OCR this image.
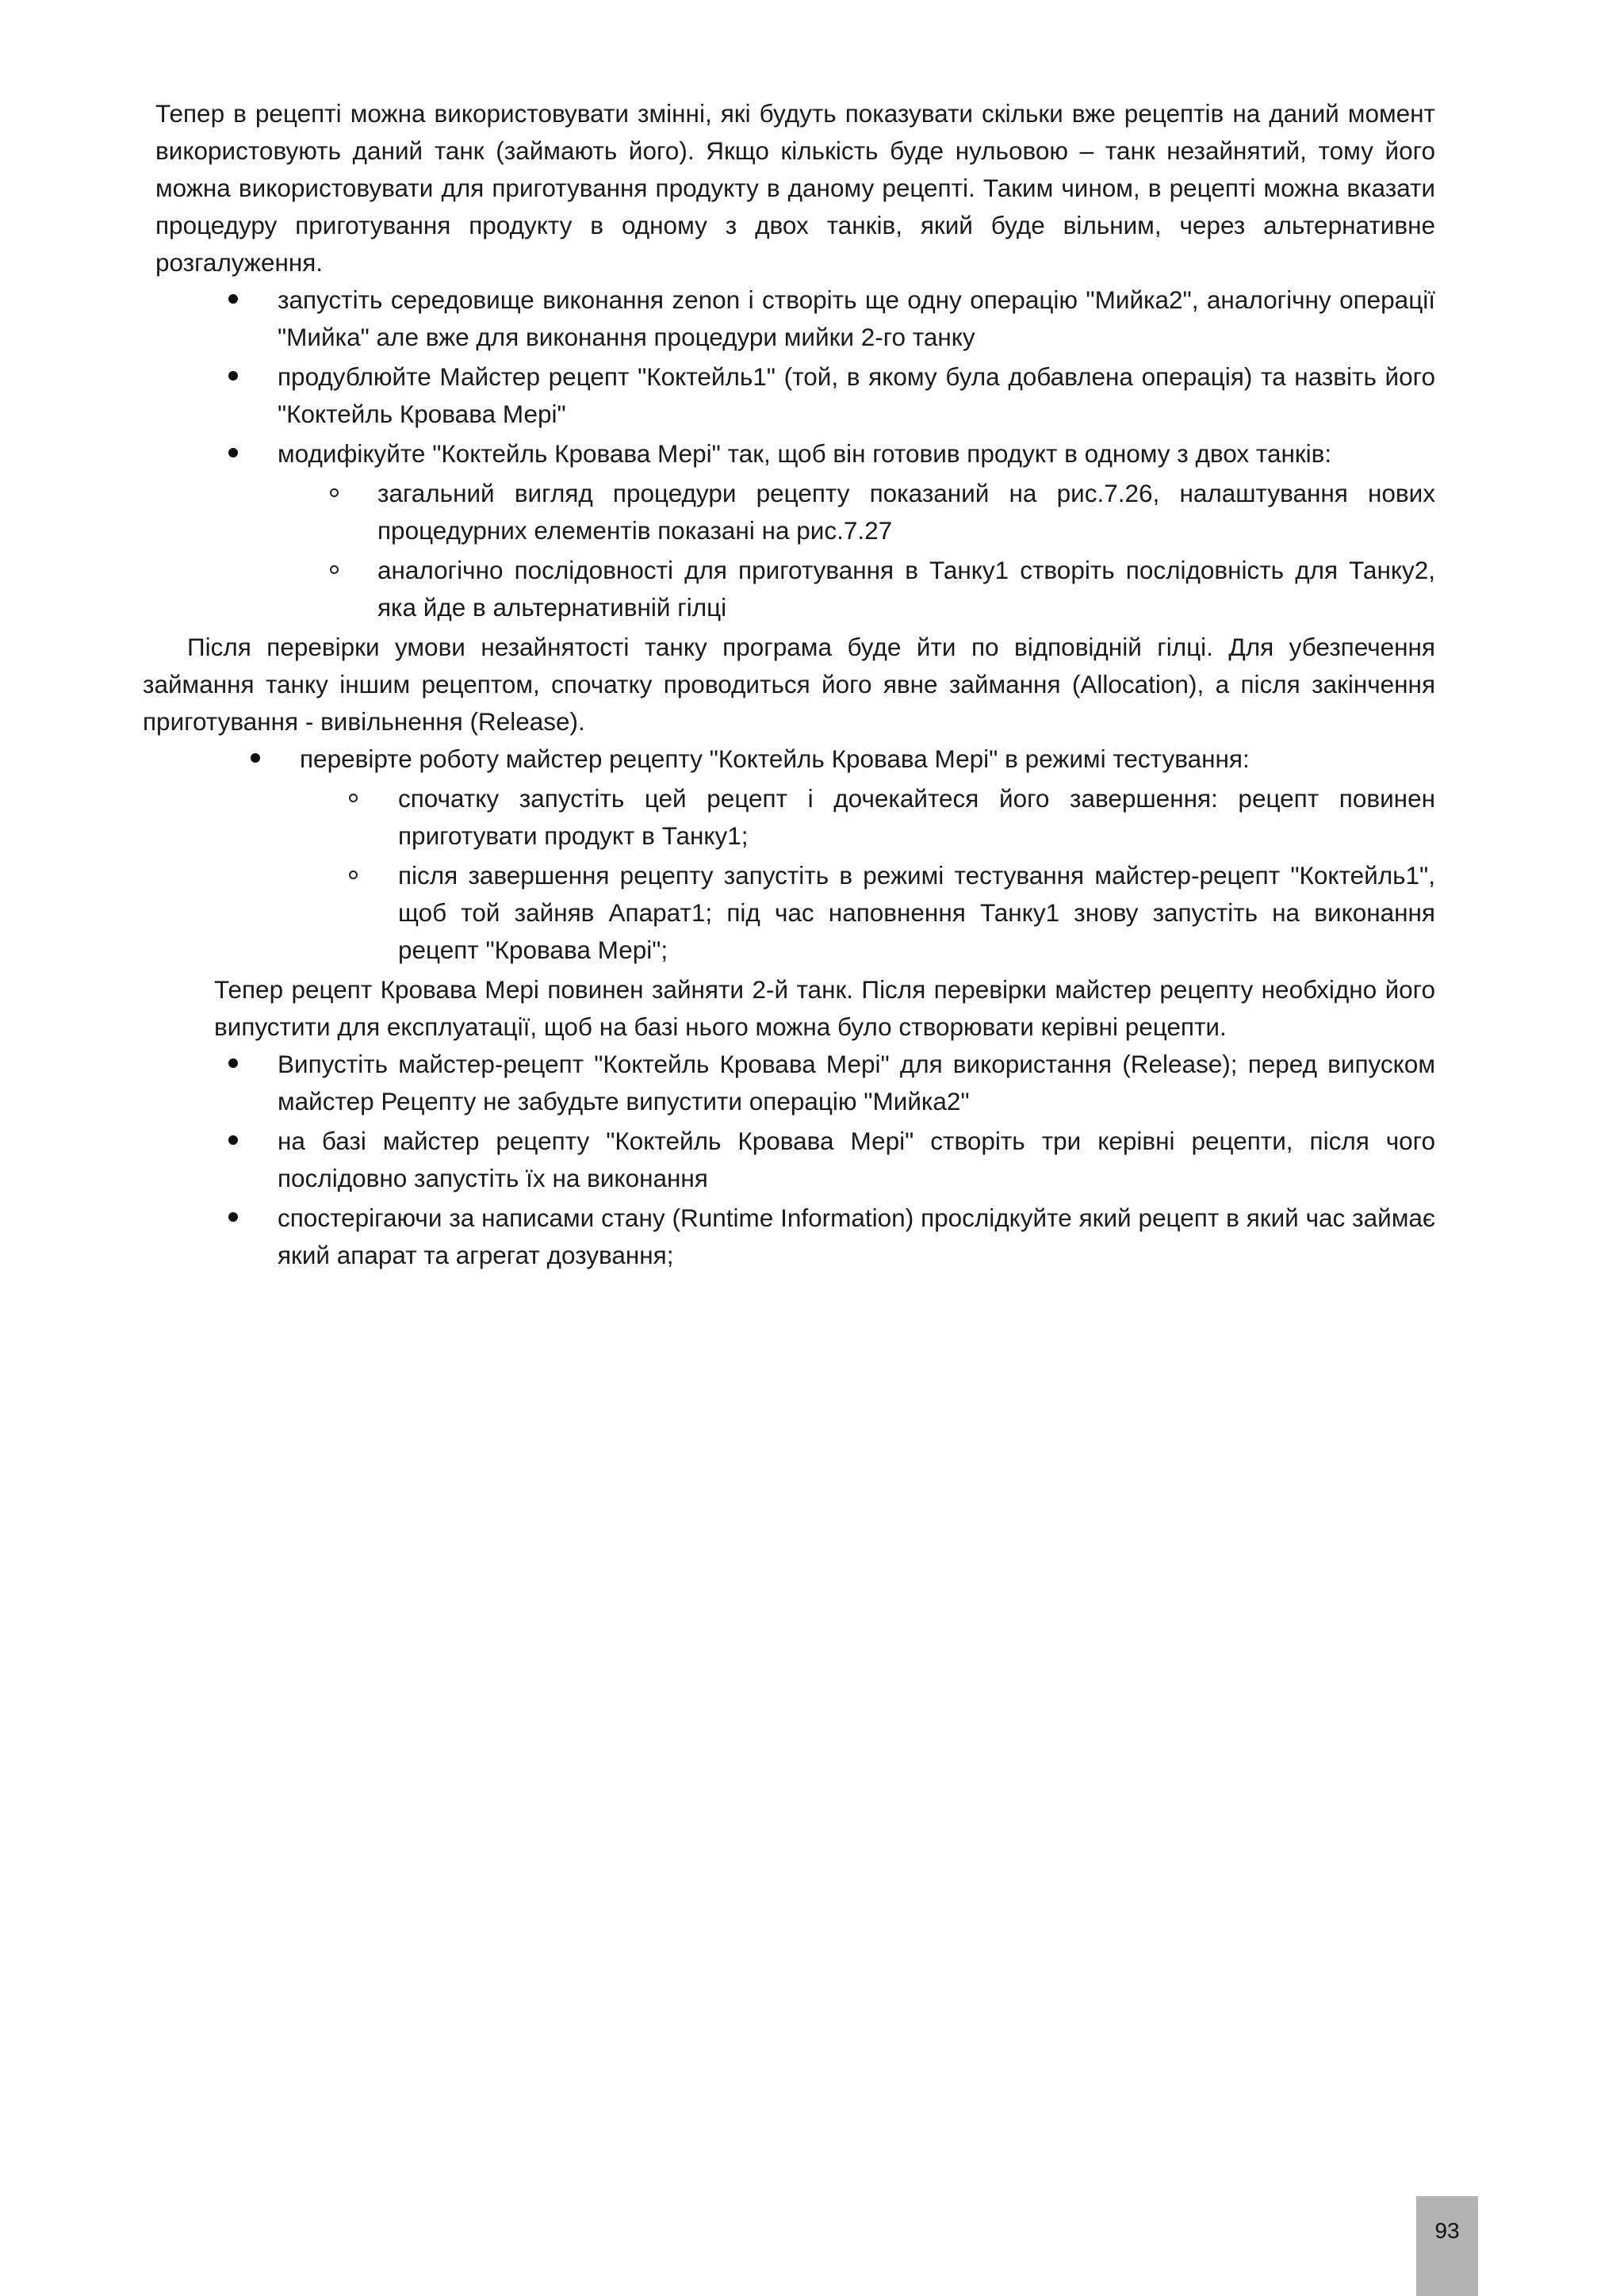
Тепер в рецепті можна використовувати змінні, які будуть показувати скільки вже рецептів на даний момент використовують даний танк (займають його). Якщо кількість буде нульовою – танк незайнятий, тому його можна використовувати для приготування продукту в даному рецепті. Таким чином, в рецепті можна вказати процедуру приготування продукту в одному з двох танків, який буде вільним, через альтернативне розгалуження.

запустіть середовище виконання zenon і створіть ще одну операцію "Мийка2", аналогічну операції "Мийка" але вже для виконання процедури мийки 2-го танку
продублюйте Майстер рецепт "Коктейль1" (той, в якому була добавлена операція) та назвіть його "Коктейль Кровава Мері"
модифікуйте "Коктейль Кровава Мері" так, щоб він готовив продукт в одному з двох танків:
загальний вигляд процедури рецепту показаний на рис.7.26, налаштування нових процедурних елементів показані на рис.7.27
аналогічно послідовності для приготування в Танку1 створіть послідовність для Танку2, яка йде в альтернативній гілці

Після перевірки умови незайнятості танку програма буде йти по відповідній гілці. Для убезпечення займання танку іншим рецептом, спочатку проводиться його явне займання (Allocation), а після закінчення приготування - вивільнення (Release).

перевірте роботу майстер рецепту "Коктейль Кровава Мері" в режимі тестування:
спочатку запустіть цей рецепт і дочекайтеся його завершення: рецепт повинен приготувати продукт в Танку1;
після завершення рецепту запустіть в режимі тестування майстер-рецепт "Коктейль1", щоб той зайняв Апарат1; під час наповнення Танку1 знову запустіть на виконання рецепт "Кровава Мері";

Тепер рецепт Кровава Мері повинен зайняти 2-й танк. Після перевірки майстер рецепту необхідно його випустити для експлуатації, щоб на базі нього можна було створювати керівні рецепти.

Випустіть майстер-рецепт "Коктейль Кровава Мері" для використання (Release); перед випуском майстер Рецепту не забудьте випустити операцію "Мийка2"
на базі майстер рецепту "Коктейль Кровава Мері" створіть три керівні рецепти, після чого послідовно запустіть їх на виконання
спостерігаючи за написами стану (Runtime Information) прослідкуйте який рецепт в який час займає який апарат та агрегат дозування;
93
